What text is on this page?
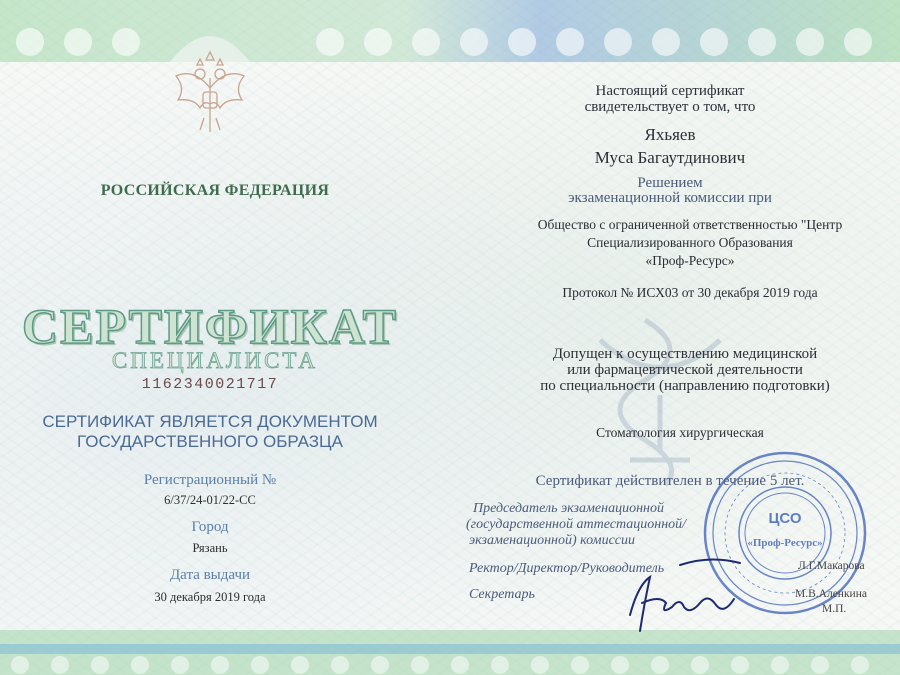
РОССИЙСКАЯ ФЕДЕРАЦИЯ
СЕРТИФИКАТ
СПЕЦИАЛИСТА
1162340021717
СЕРТИФИКАТ ЯВЛЯЕТСЯ ДОКУМЕНТОМ
ГОСУДАРСТВЕННОГО ОБРАЗЦА
Регистрационный №
6/37/24-01/22-СС
Город
Рязань
Дата выдачи
30 декабря 2019 года
Настоящий сертификат
свидетельствует о том, что
Яхьяев
Муса Багаутдинович
Решением
экзаменационной комиссии при
Общество с ограниченной ответственностью "Центр
Специализированного Образования
«Проф-Ресурс»
Протокол № ИСХ03 от 30 декабря 2019 года
Допущен к осуществлению медицинской
или фармацевтической деятельности
по специальности (направлению подготовки)
Стоматология хирургическая
Сертификат действителен в течение 5 лет.
Председатель экзаменационной
(государственной аттестационной/
экзаменационной) комиссии
Ректор/Директор/Руководитель
Секретарь
ЦСО
«Проф-Ресурс»
Л.Г.Макарова
М.В.Аленкина
М.П.
